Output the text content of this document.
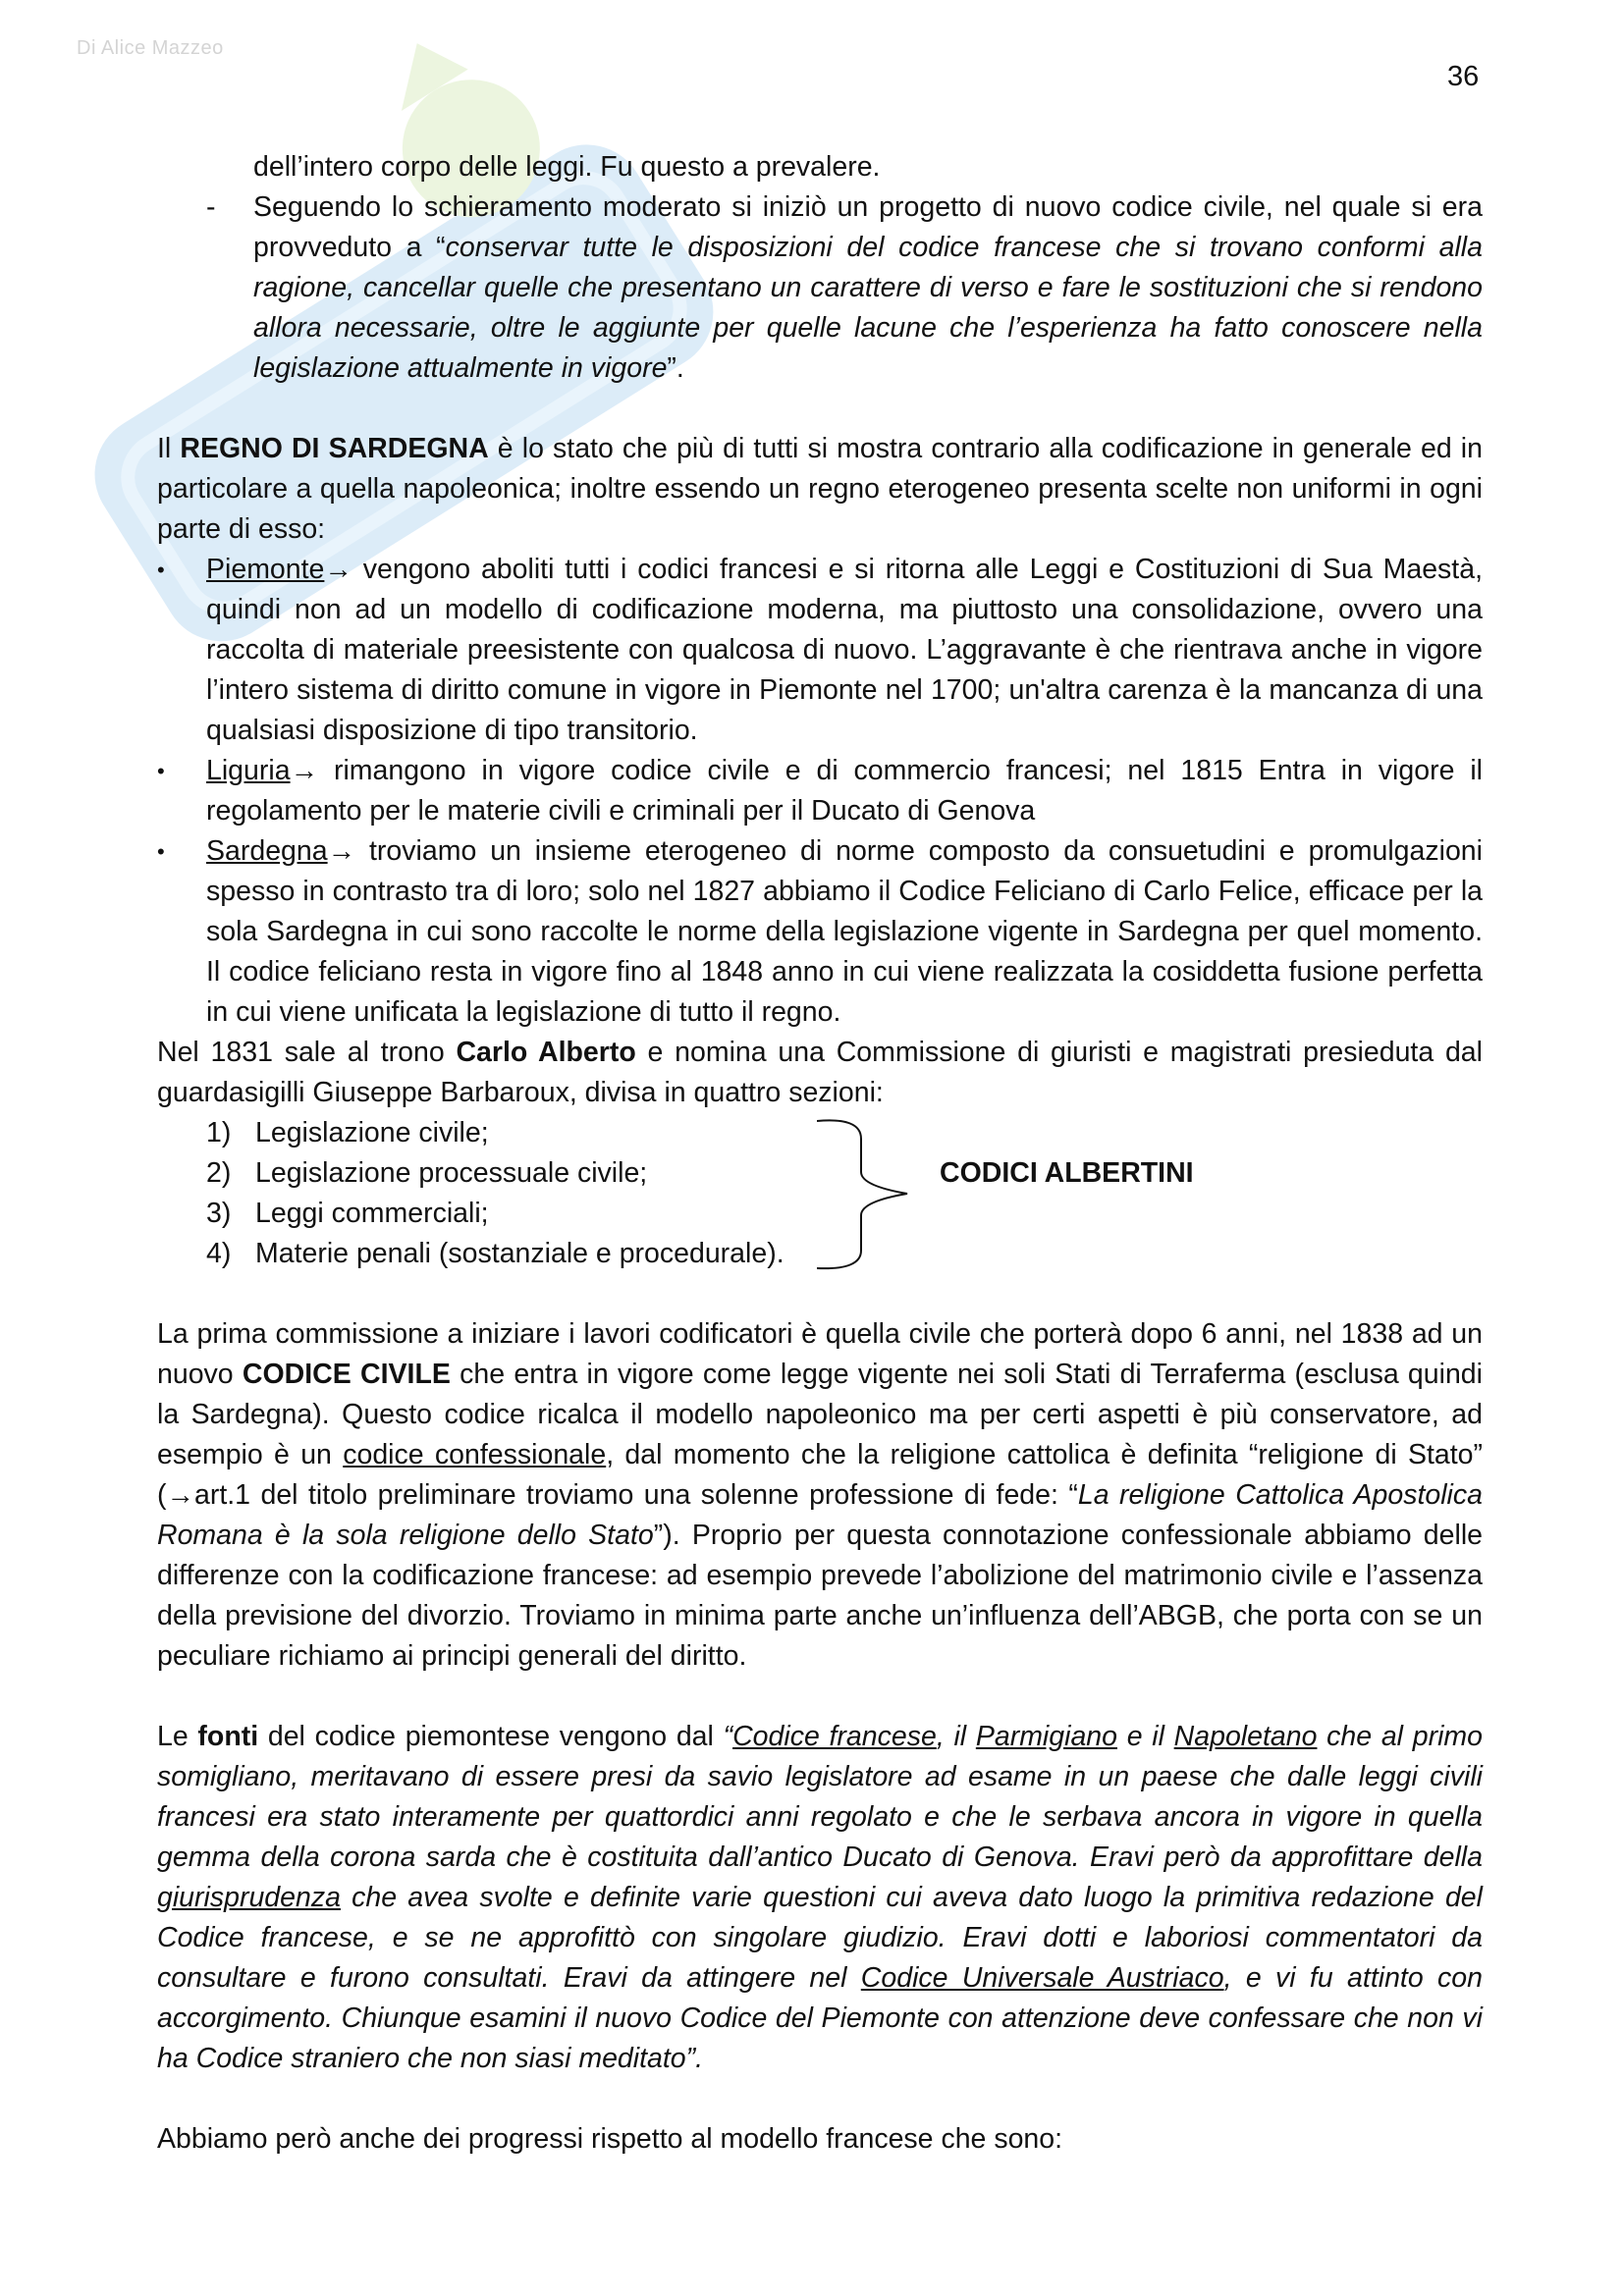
Di Alice Mazzeo
36

dell’intero corpo delle leggi. Fu questo a prevalere.

- Seguendo lo schieramento moderato si iniziò un progetto di nuovo codice civile, nel quale si era provveduto a “conservar tutte le disposizioni del codice francese che si trovano conformi alla ragione, cancellar quelle che presentano un carattere di verso e fare le sostituzioni che si rendono allora necessarie, oltre le aggiunte per quelle lacune che l’esperienza ha fatto conoscere nella legislazione attualmente in vigore”.

Il REGNO DI SARDEGNA è lo stato che più di tutti si mostra contrario alla codificazione in generale ed in particolare a quella napoleonica; inoltre essendo un regno eterogeneo presenta scelte non uniformi in ogni parte di esso:

• Piemonte→ vengono aboliti tutti i codici francesi e si ritorna alle Leggi e Costituzioni di Sua Maestà, quindi non ad un modello di codificazione moderna, ma piuttosto una consolidazione, ovvero una raccolta di materiale preesistente con qualcosa di nuovo. L’aggravante è che rientrava anche in vigore l’intero sistema di diritto comune in vigore in Piemonte nel 1700; un'altra carenza è la mancanza di una qualsiasi disposizione di tipo transitorio.
• Liguria→ rimangono in vigore codice civile e di commercio francesi; nel 1815 Entra in vigore il regolamento per le materie civili e criminali per il Ducato di Genova
• Sardegna→ troviamo un insieme eterogeneo di norme composto da consuetudini e promulgazioni spesso in contrasto tra di loro; solo nel 1827 abbiamo il Codice Feliciano di Carlo Felice, efficace per la sola Sardegna in cui sono raccolte le norme della legislazione vigente in Sardegna per quel momento. Il codice feliciano resta in vigore fino al 1848 anno in cui viene realizzata la cosiddetta fusione perfetta in cui viene unificata la legislazione di tutto il regno.

Nel 1831 sale al trono Carlo Alberto e nomina una Commissione di giuristi e magistrati presieduta dal guardasigilli Giuseppe Barbaroux, divisa in quattro sezioni:

1) Legislazione civile;
2) Legislazione processuale civile;
3) Leggi commerciali;
4) Materie penali (sostanziale e procedurale).
CODICI ALBERTINI

La prima commissione a iniziare i lavori codificatori è quella civile che porterà dopo 6 anni, nel 1838 ad un nuovo CODICE CIVILE che entra in vigore come legge vigente nei soli Stati di Terraferma (esclusa quindi la Sardegna). Questo codice ricalca il modello napoleonico ma per certi aspetti è più conservatore, ad esempio è un codice confessionale, dal momento che la religione cattolica è definita “religione di Stato” (→art.1 del titolo preliminare troviamo una solenne professione di fede: “La religione Cattolica Apostolica Romana è la sola religione dello Stato”). Proprio per questa connotazione confessionale abbiamo delle differenze con la codificazione francese: ad esempio prevede l’abolizione del matrimonio civile e l’assenza della previsione del divorzio. Troviamo in minima parte anche un’influenza dell’ABGB, che porta con se un peculiare richiamo ai principi generali del diritto.

Le fonti del codice piemontese vengono dal “Codice francese, il Parmigiano e il Napoletano che al primo somigliano, meritavano di essere presi da savio legislatore ad esame in un paese che dalle leggi civili francesi era stato interamente per quattordici anni regolato e che le serbava ancora in vigore in quella gemma della corona sarda che è costituita dall’antico Ducato di Genova. Eravi però da approfittare della giurisprudenza che avea svolte e definite varie questioni cui aveva dato luogo la primitiva redazione del Codice francese, e se ne approfittò con singolare giudizio. Eravi dotti e laboriosi commentatori da consultare e furono consultati. Eravi da attingere nel Codice Universale Austriaco, e vi fu attinto con accorgimento. Chiunque esamini il nuovo Codice del Piemonte con attenzione deve confessare che non vi ha Codice straniero che non siasi meditato”.

Abbiamo però anche dei progressi rispetto al modello francese che sono:
